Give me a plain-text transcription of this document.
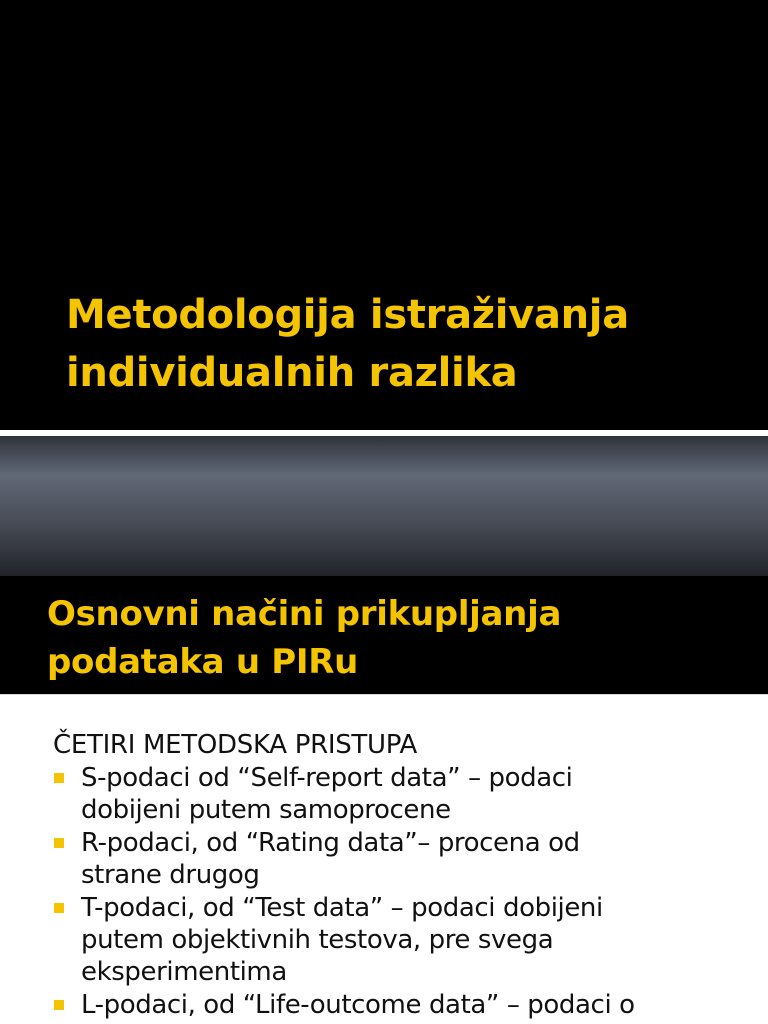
Metodologija istraživanja
individualnih razlika
Osnovni načini prikupljanja
podataka u PIRu

ČETIRI METODSKA PRISTUPA

S-podaci od “Self-report data” – podaci
dobijeni putem samoprocene
R-podaci, od “Rating data”– procena od
strane drugog
T-podaci, od “Test data” – podaci dobijeni
putem objektivnih testova, pre svega
eksperimentima
L-podaci, od “Life-outcome data” – podaci o
